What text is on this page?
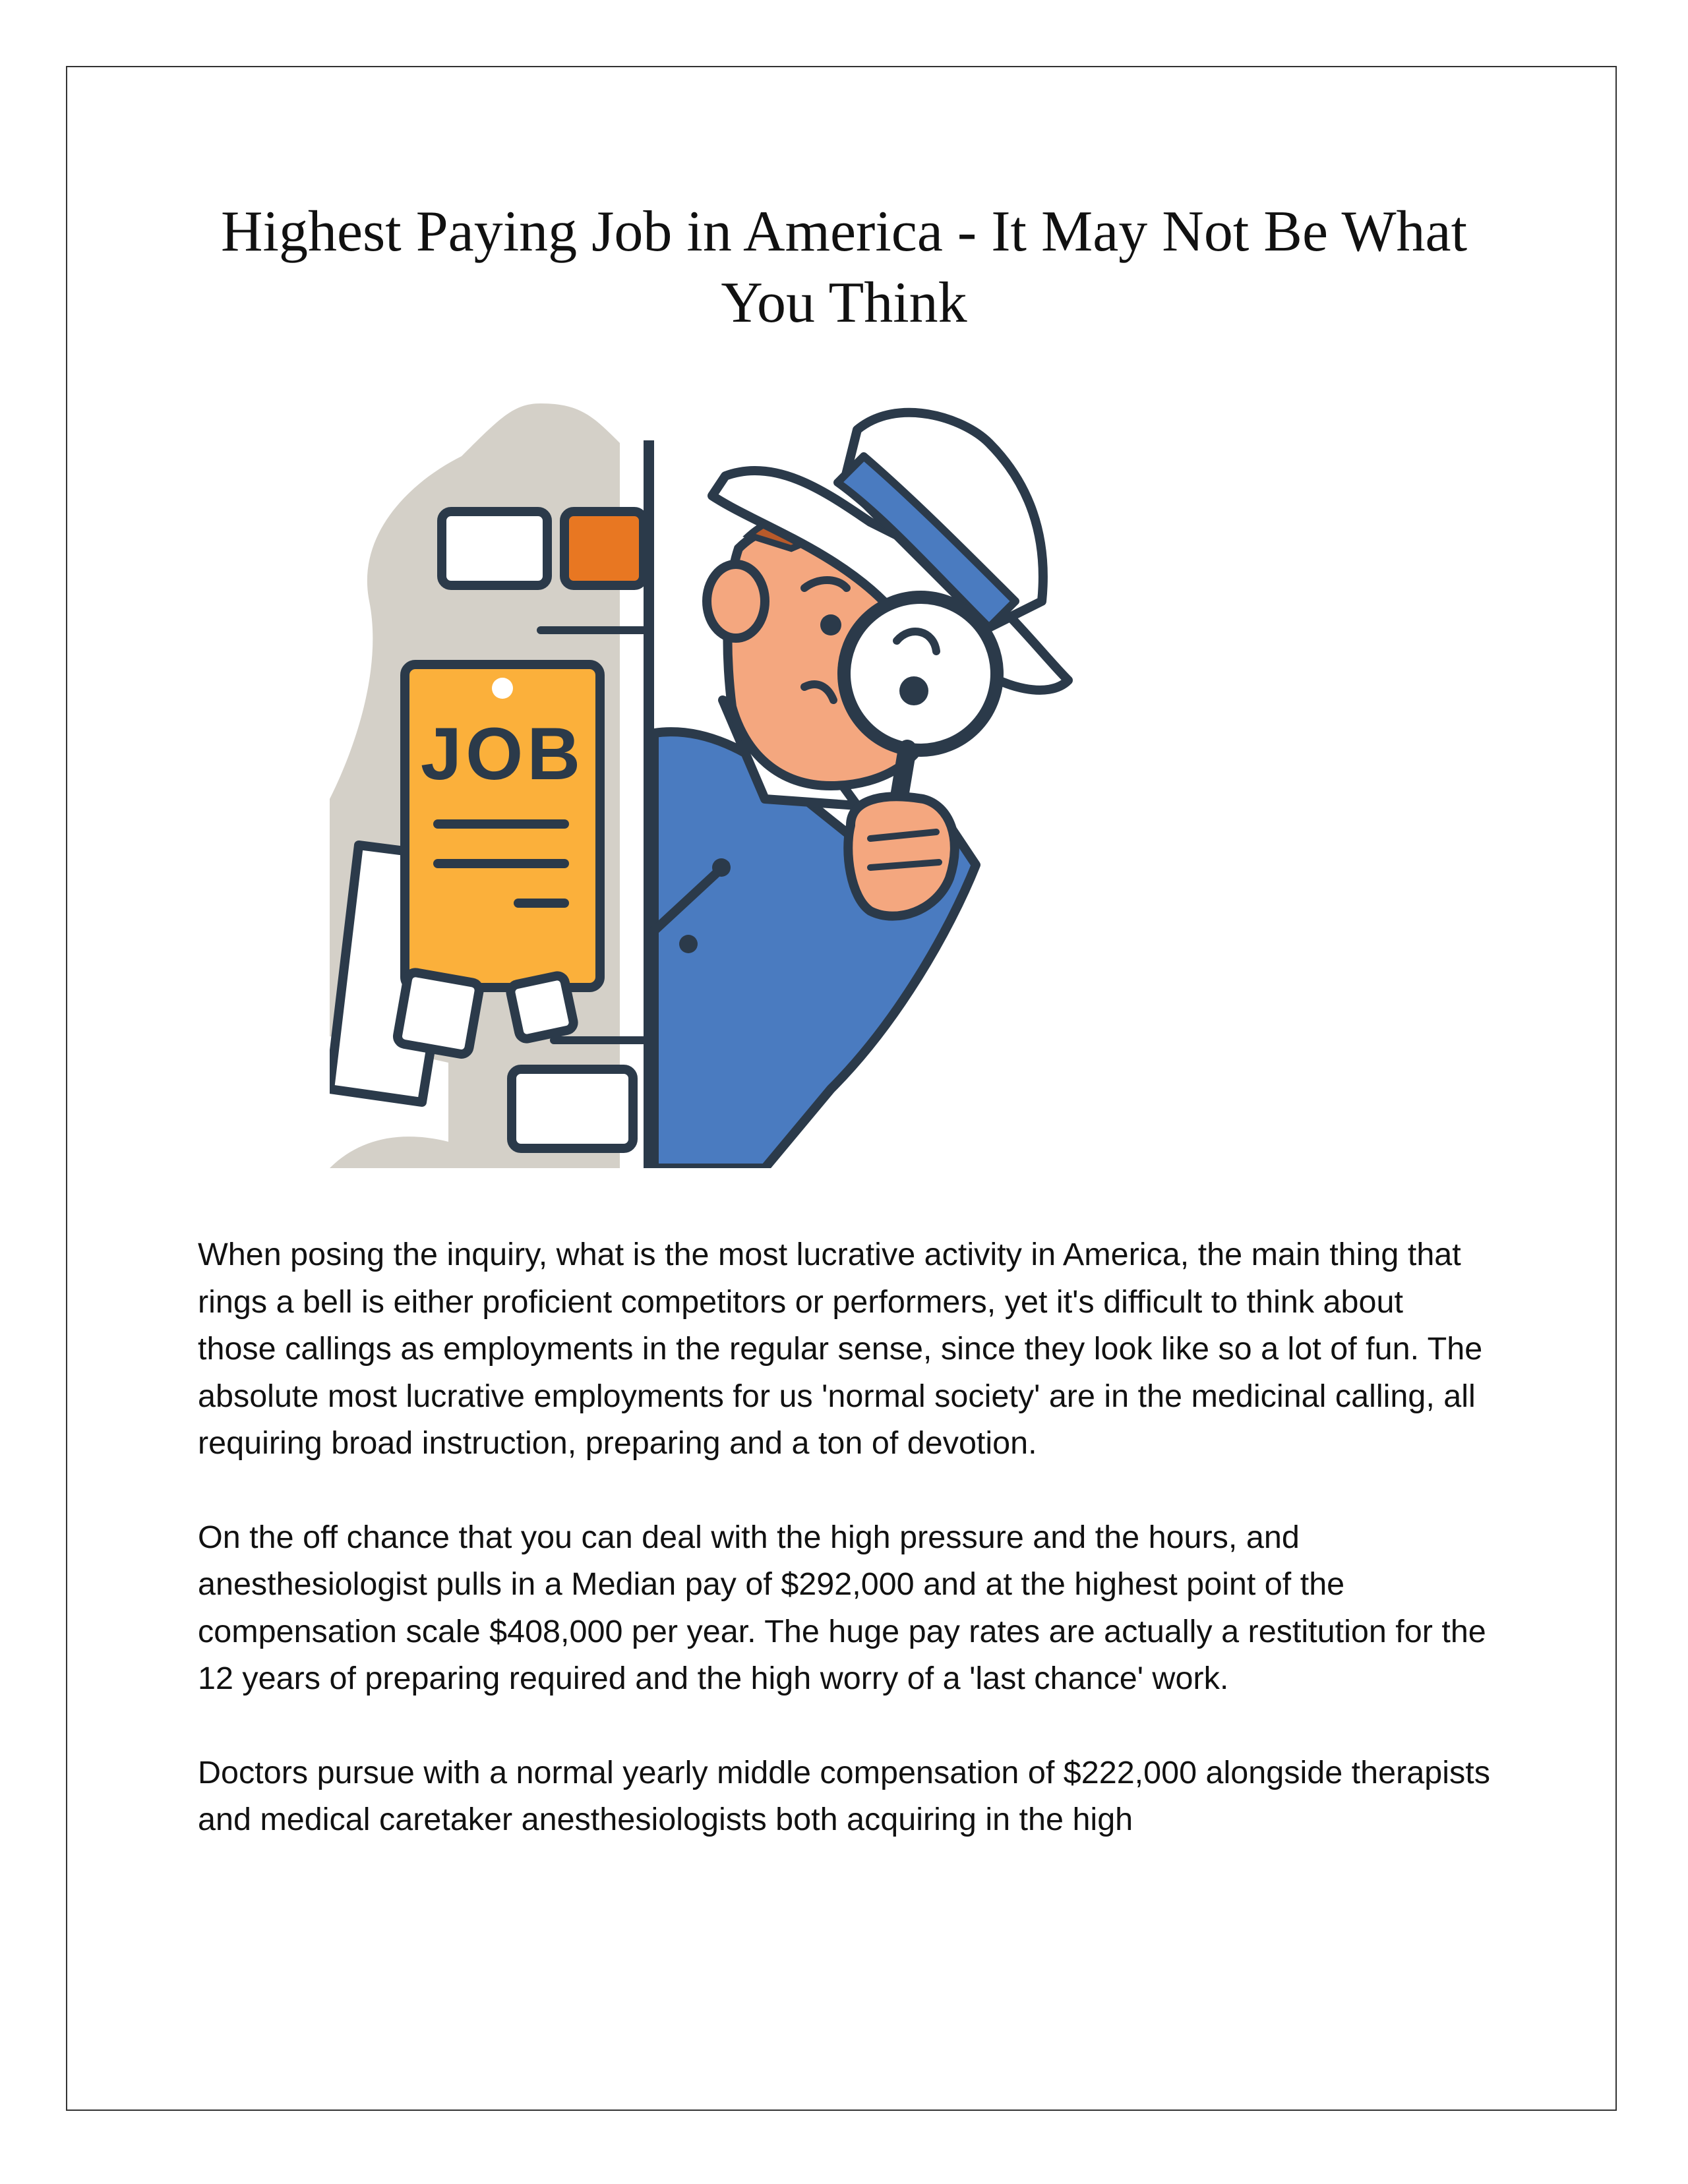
Highest Paying Job in America - It May Not Be What You Think
JOB

When posing the inquiry, what is the most lucrative activity in America, the main thing that rings a bell is either proficient competitors or performers, yet it's difficult to think about those callings as employments in the regular sense, since they look like so a lot of fun. The absolute most lucrative employments for us 'normal society' are in the medicinal calling, all requiring broad instruction, preparing and a ton of devotion.

On the off chance that you can deal with the high pressure and the hours, and anesthesiologist pulls in a Median pay of $292,000 and at the highest point of the compensation scale $408,000 per year. The huge pay rates are actually a restitution for the 12 years of preparing required and the high worry of a 'last chance' work.

Doctors pursue with a normal yearly middle compensation of $222,000 alongside therapists and medical caretaker anesthesiologists both acquiring in the high
